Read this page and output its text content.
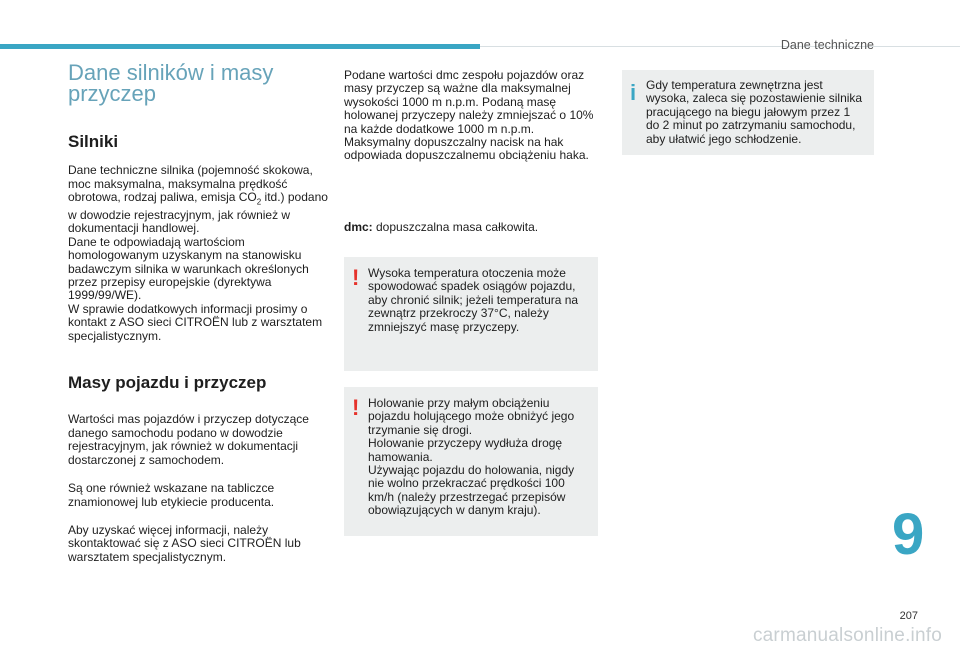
Dane techniczne
Dane silników i masy
przyczep
Silniki

Dane techniczne silnika (pojemność skokowa, moc maksymalna, maksymalna prędkość obrotowa, rodzaj paliwa, emisja $CO_2$ itd.) podano w dowodzie rejestracyjnym, jak również w dokumentacji handlowej.
Dane te odpowiadają wartościom homologowanym uzyskanym na stanowisku badawczym silnika w warunkach określonych przez przepisy europejskie (dyrektywa 1999/99/WE).
W sprawie dodatkowych informacji prosimy o kontakt z ASO sieci CITROËN lub z warsztatem specjalistycznym.

Masy pojazdu i przyczep

Wartości mas pojazdów i przyczep dotyczące danego samochodu podano w dowodzie rejestracyjnym, jak również w dokumentacji dostarczonej z samochodem.

Są one również wskazane na tabliczce znamionowej lub etykiecie producenta.

Aby uzyskać więcej informacji, należy skontaktować się z ASO sieci CITROËN lub warsztatem specjalistycznym.

Podane wartości dmc zespołu pojazdów oraz masy przyczep są ważne dla maksymalnej wysokości 1000 m n.p.m. Podaną masę holowanej przyczepy należy zmniejszać o 10% na każde dodatkowe 1000 m n.p.m.
Maksymalny dopuszczalny nacisk na hak odpowiada dopuszczalnemu obciążeniu haka.

dmc: dopuszczalna masa całkowita.

! Wysoka temperatura otoczenia może spowodować spadek osiągów pojazdu, aby chronić silnik; jeżeli temperatura na zewnątrz przekroczy 37°C, należy zmniejszyć masę przyczepy.
! Holowanie przy małym obciążeniu pojazdu holującego może obniżyć jego trzymanie się drogi.
Holowanie przyczepy wydłuża drogę hamowania.
Używając pojazdu do holowania, nigdy nie wolno przekraczać prędkości 100 km/h (należy przestrzegać przepisów obowiązujących w danym kraju).
i Gdy temperatura zewnętrzna jest wysoka, zaleca się pozostawienie silnika pracującego na biegu jałowym przez 1 do 2 minut po zatrzymaniu samochodu, aby ułatwić jego schłodzenie.
9
207
carmanualsonline.info
